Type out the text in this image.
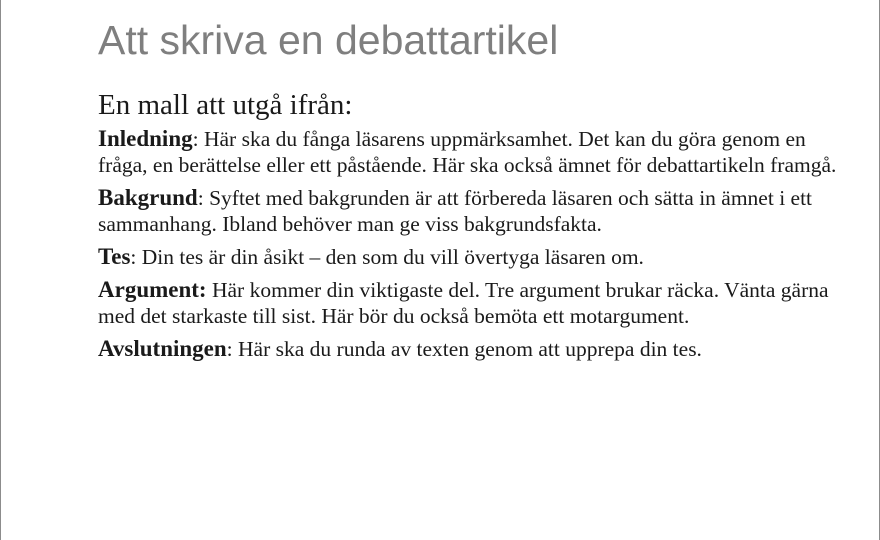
Att skriva en debattartikel
En mall att utgå ifrån:

Inledning: Här ska du fånga läsarens uppmärksamhet. Det kan du göra genom en fråga, en berättelse eller ett påstående. Här ska också ämnet för debattartikeln framgå.

Bakgrund: Syftet med bakgrunden är att förbereda läsaren och sätta in ämnet i ett sammanhang. Ibland behöver man ge viss bakgrundsfakta.

Tes: Din tes är din åsikt – den som du vill övertyga läsaren om.

Argument: Här kommer din viktigaste del. Tre argument brukar räcka. Vänta gärna med det starkaste till sist. Här bör du också bemöta ett motargument.

Avslutningen: Här ska du runda av texten genom att upprepa din tes.
